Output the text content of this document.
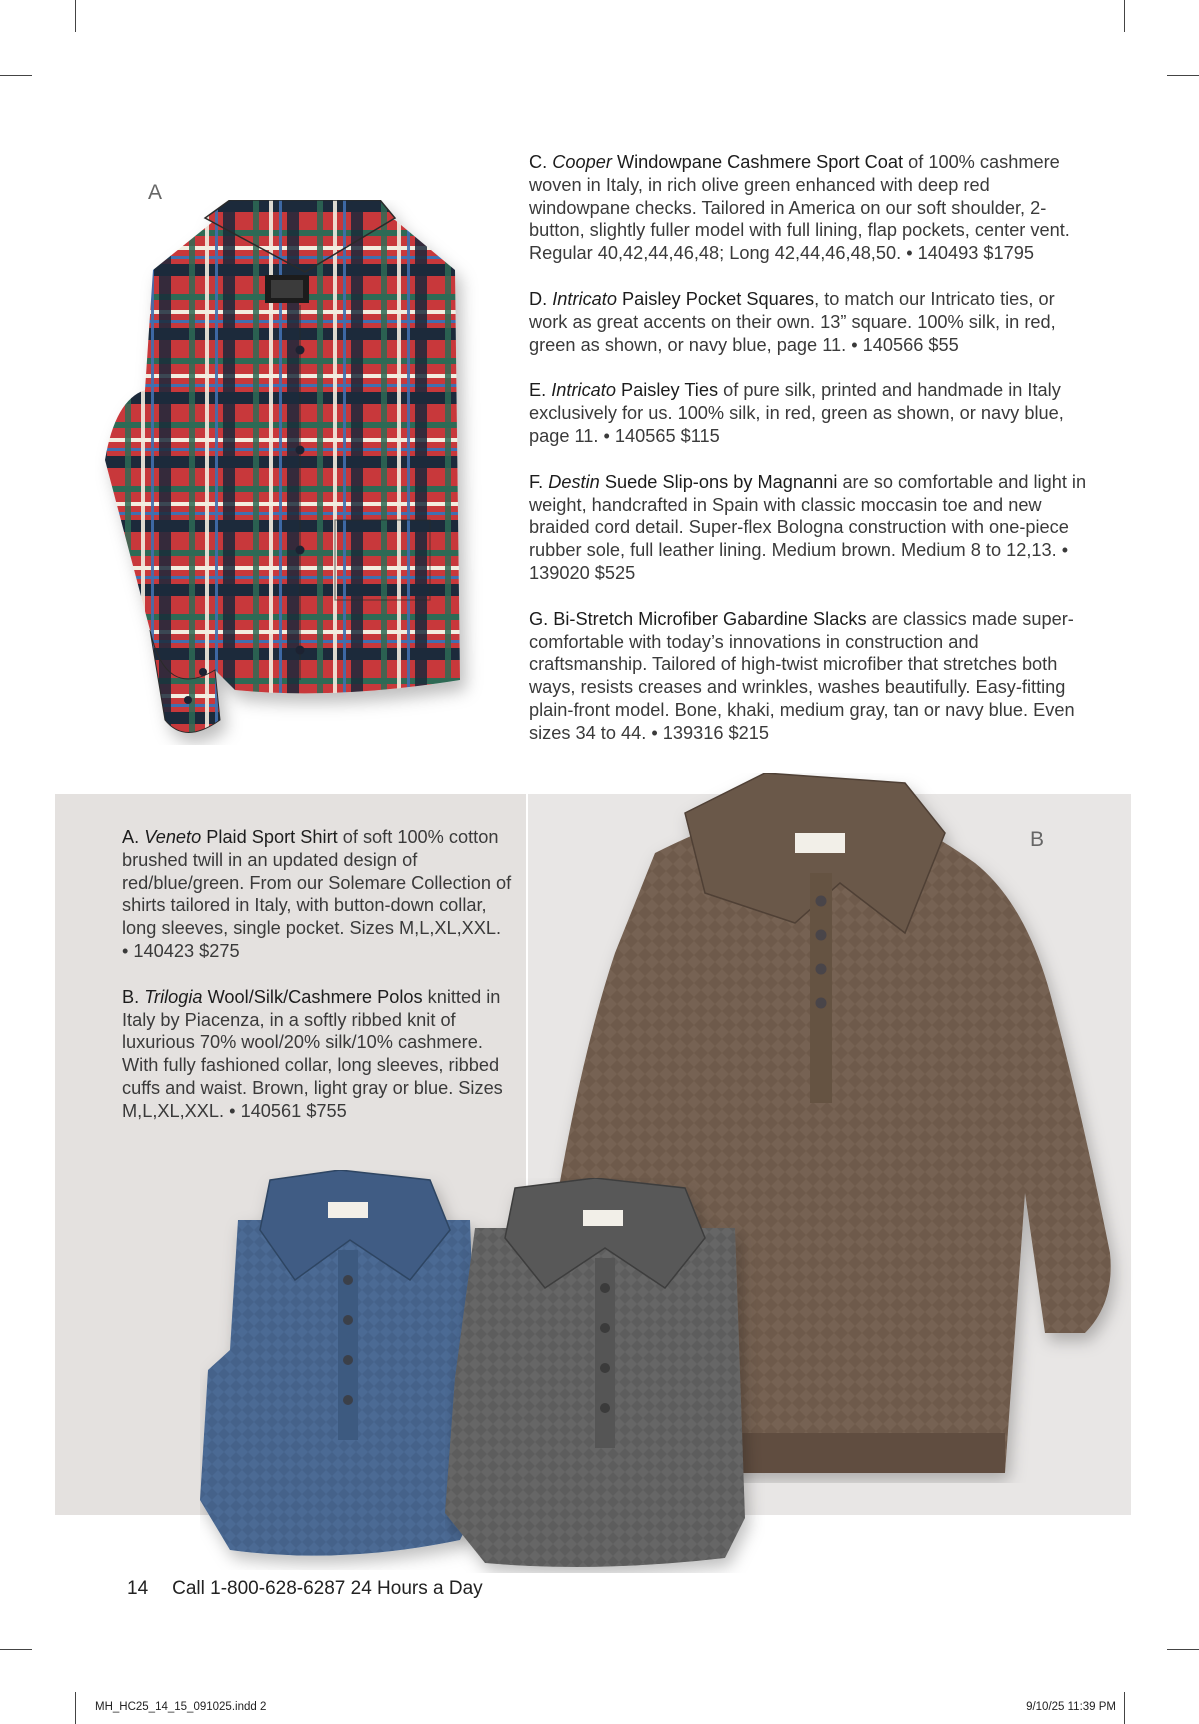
A
B

C. Cooper Windowpane Cashmere Sport Coat of 100% cashmere woven in Italy, in rich olive green enhanced with deep red windowpane checks. Tailored in America on our soft shoulder, 2-button, slightly fuller model with full lining, flap pockets, center vent. Regular 40,42,44,46,48; Long 42,44,46,48,50. • 140493 $1795

D. Intricato Paisley Pocket Squares, to match our Intricato ties, or work as great accents on their own. 13” square. 100% silk, in red, green as shown, or navy blue, page 11. • 140566 $55

E. Intricato Paisley Ties of pure silk, printed and handmade in Italy exclusively for us. 100% silk, in red, green as shown, or navy blue, page 11. • 140565 $115

F. Destin Suede Slip-ons by Magnanni are so comfortable and light in weight, handcrafted in Spain with classic moccasin toe and new braided cord detail. Super-flex Bologna construction with one-piece rubber sole, full leather lining. Medium brown. Medium 8 to 12,13. • 139020 $525

G. Bi-Stretch Microfiber Gabardine Slacks are classics made super-comfortable with today’s innovations in construction and craftsmanship. Tailored of high-twist microfiber that stretches both ways, resists creases and wrinkles, washes beautifully. Easy-fitting plain-front model. Bone, khaki, medium gray, tan or navy blue. Even sizes 34 to 44. • 139316 $215

A. Veneto Plaid Sport Shirt of soft 100% cotton brushed twill in an updated design of red/blue/green. From our Solemare Collection of shirts tailored in Italy, with button-down collar, long sleeves, single pocket. Sizes M,L,XL,XXL. • 140423 $275

B. Trilogia Wool/Silk/Cashmere Polos knitted in Italy by Piacenza, in a softly ribbed knit of luxurious 70% wool/20% silk/10% cashmere. With fully fashioned collar, long sleeves, ribbed cuffs and waist. Brown, light gray or blue. Sizes M,L,XL,XXL. • 140561 $755

14 Call 1-800-628-6287 24 Hours a Day
MH_HC25_14_15_091025.indd 2	9/10/25 11:39 PM
